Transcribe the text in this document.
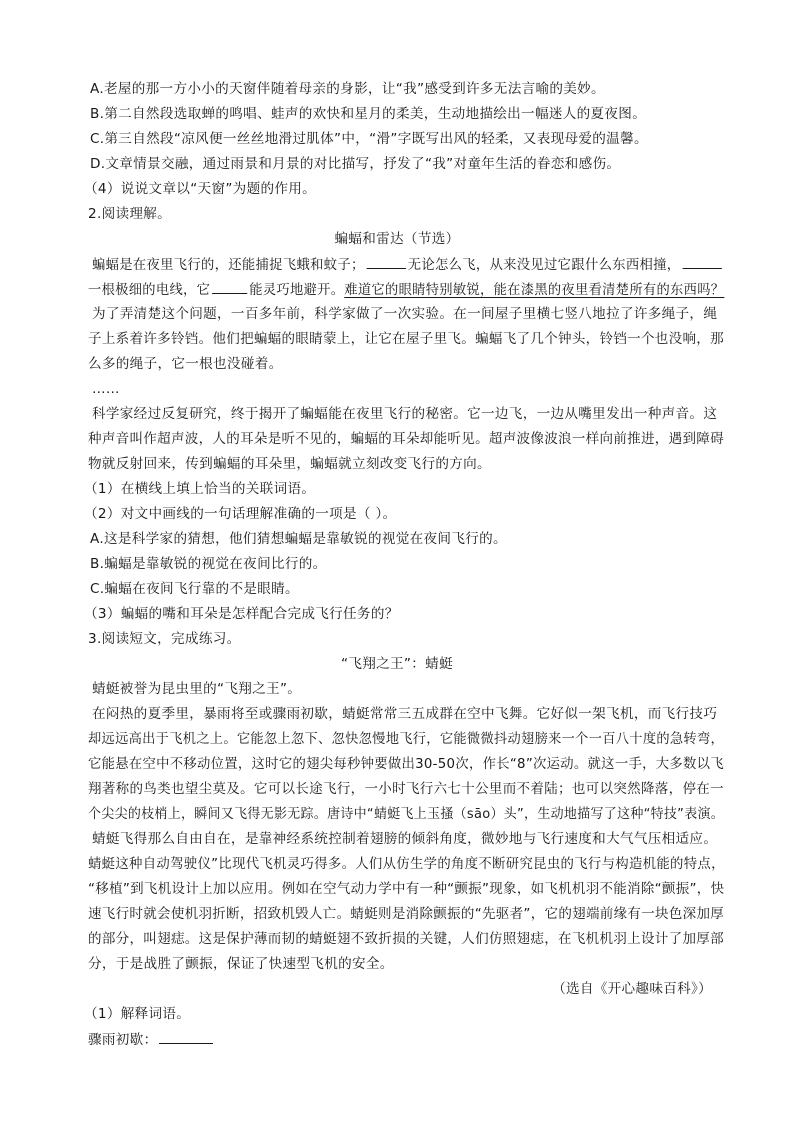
A.老屋的那一方小小的天窗伴随着母亲的身影，让“我”感受到许多无法言喻的美妙。
B.第二自然段选取蝉的鸣唱、蛙声的欢快和星月的柔美，生动地描绘出一幅迷人的夏夜图。
C.第三自然段“凉风便一丝丝地滑过肌体”中，“滑”字既写出风的轻柔，又表现母爱的温馨。
D.文章情景交融，通过雨景和月景的对比描写，抒发了“我”对童年生活的眷恋和感伤。
（4）说说文章以“天窗”为题的作用。
2.阅读理解。
蝙蝠和雷达（节选）
蝙蝠是在夜里飞行的，还能捕捉飞蛾和蚊子；	无论怎么飞，从来没见过它跟什么东西相撞，
一根极细的电线，它	能灵巧地避开。难道它的眼睛特别敏锐，能在漆黑的夜里看清楚所有的东西吗？
为了弄清楚这个问题，一百多年前，科学家做了一次实验。在一间屋子里横七竖八地拉了许多绳子，绳
子上系着许多铃铛。他们把蝙蝠的眼睛蒙上，让它在屋子里飞。蝙蝠飞了几个钟头，铃铛一个也没响，那
么多的绳子，它一根也没碰着。
……
科学家经过反复研究，终于揭开了蝙蝠能在夜里飞行的秘密。它一边飞，一边从嘴里发出一种声音。这
种声音叫作超声波，人的耳朵是听不见的，蝙蝠的耳朵却能听见。超声波像波浪一样向前推进，遇到障碍
物就反射回来，传到蝙蝠的耳朵里，蝙蝠就立刻改变飞行的方向。
（1）在横线上填上恰当的关联词语。
（2）对文中画线的一句话理解准确的一项是（ ）。
A.这是科学家的猜想，他们猜想蝙蝠是靠敏锐的视觉在夜间飞行的。
B.蝙蝠是靠敏锐的视觉在夜间比行的。
C.蝙蝠在夜间飞行靠的不是眼睛。
（3）蝙蝠的嘴和耳朵是怎样配合完成飞行任务的？
3.阅读短文，完成练习。
“飞翔之王”：蜻蜓
蜻蜓被誉为昆虫里的“飞翔之王”。
在闷热的夏季里，暴雨将至或骤雨初歇，蜻蜓常常三五成群在空中飞舞。它好似一架飞机，而飞行技巧
却远远高出于飞机之上。它能忽上忽下、忽快忽慢地飞行，它能微微抖动翅膀来一个一百八十度的急转弯，
它能悬在空中不移动位置，这时它的翅尖每秒钟要做出30-50次，作长“8”次运动。就这一手，大多数以飞
翔著称的鸟类也望尘莫及。它可以长途飞行，一小时飞行六七十公里而不着陆；也可以突然降落，停在一
个尖尖的枝梢上，瞬间又飞得无影无踪。唐诗中“蜻蜓飞上玉搔（sāo）头”，生动地描写了这种“特技”表演。
蜻蜓飞得那么自由自在，是靠神经系统控制着翅膀的倾斜角度，微妙地与飞行速度和大气气压相适应。
蜻蜓这种自动驾驶仪”比现代飞机灵巧得多。人们从仿生学的角度不断研究昆虫的飞行与构造机能的特点，
“移植”到飞机设计上加以应用。例如在空气动力学中有一种“颤振”现象，如飞机机羽不能消除“颤振”，快
速飞行时就会使机羽折断，招致机毁人亡。蜻蜓则是消除颤振的“先驱者”，它的翅端前缘有一块色深加厚
的部分，叫翅痣。这是保护薄而韧的蜻蜓翅不致折损的关键，人们仿照翅痣，在飞机机羽上设计了加厚部
分，于是战胜了颤振，保证了快速型飞机的安全。
（选自《开心趣味百科》）
（1）解释词语。
骤雨初歇：
